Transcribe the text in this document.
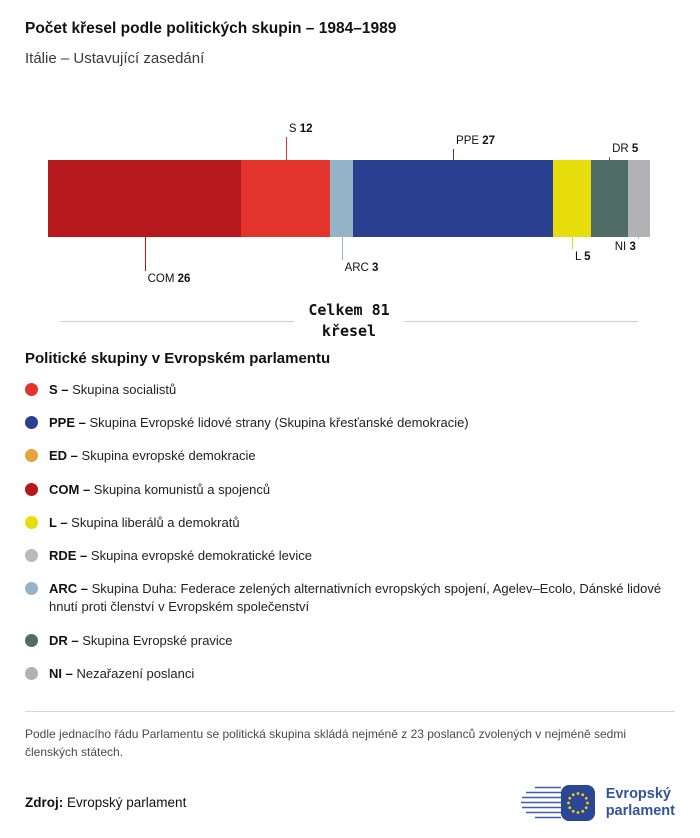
Počet křesel podle politických skupin – 1984–1989
Itálie – Ustavující zasedání
S 12
PPE 27
DR 5
COM 26
ARC 3
L 5
NI 3
Celkem 81
křesel
Politické skupiny v Evropském parlamentu
S – Skupina socialistů
PPE – Skupina Evropské lidové strany (Skupina křesťanské demokracie)
ED – Skupina evropské demokracie
COM – Skupina komunistů a spojenců
L – Skupina liberálů a demokratů
RDE – Skupina evropské demokratické levice
ARC – Skupina Duha: Federace zelených alternativních evropských spojení, Agelev–Ecolo, Dánské lidové hnutí proti členství v Evropském společenství
DR – Skupina Evropské pravice
NI – Nezařazení poslanci

Podle jednacího řádu Parlamentu se politická skupina skládá nejméně z 23 poslanců zvolených v nejméně sedmi členských státech.

Zdroj: Evropský parlament
Evropský
parlament
